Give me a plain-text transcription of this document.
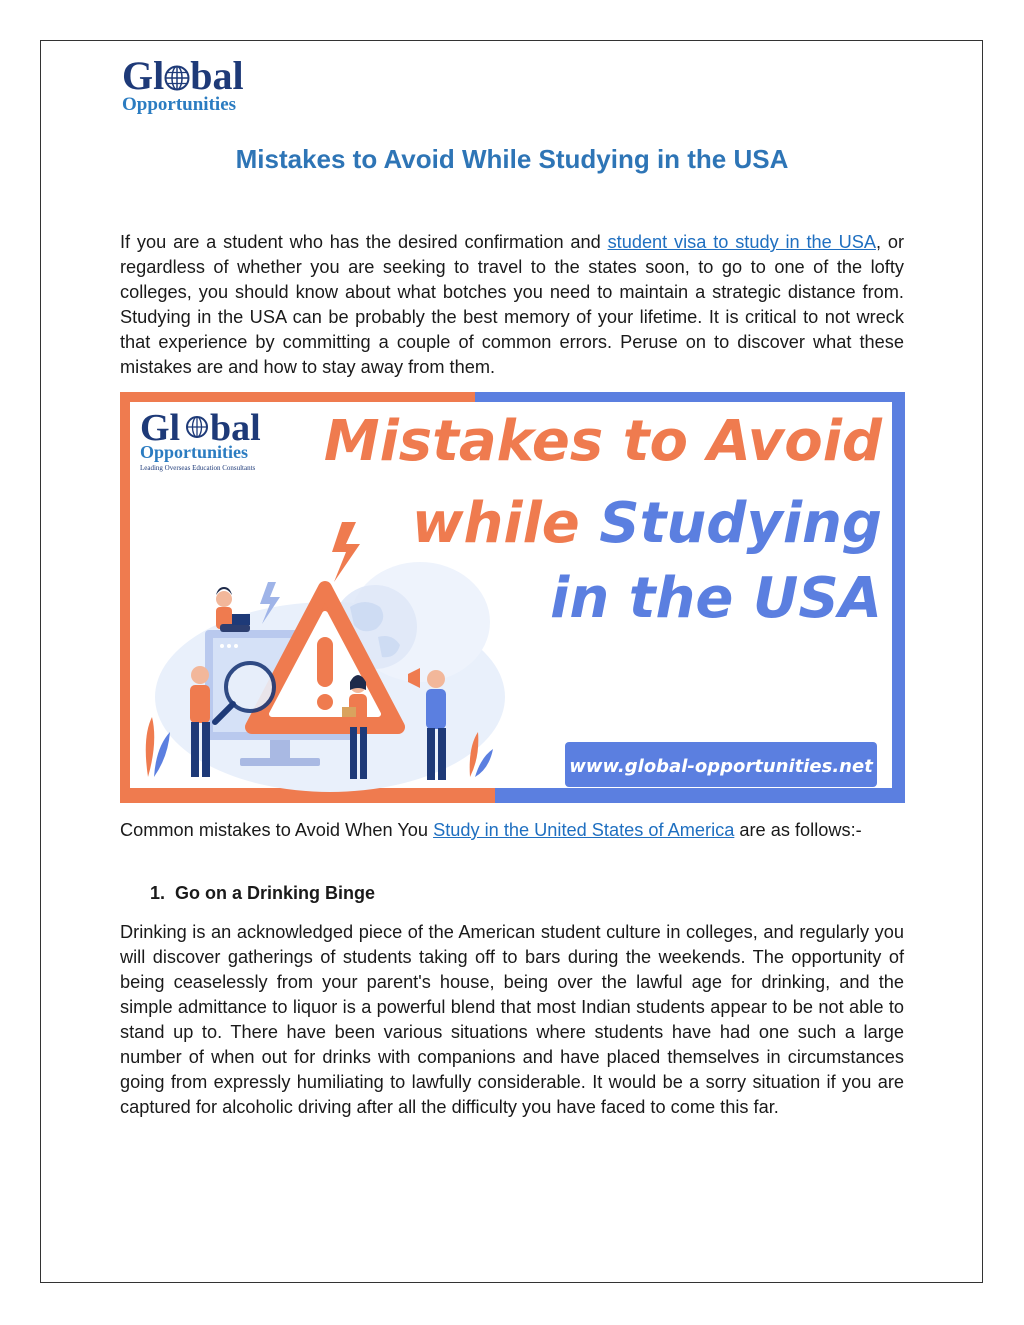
Gl bal
Opportunities
Mistakes to Avoid While Studying in the USA

If you are a student who has the desired confirmation and student visa to study in the USA, or regardless of whether you are seeking to travel to the states soon, to go to one of the lofty colleges, you should know about what botches you need to maintain a strategic distance from. Studying in the USA can be probably the best memory of your lifetime. It is critical to not wreck that experience by committing a couple of common errors. Peruse on to discover what these mistakes are and how to stay away from them.

Gl bal
Opportunities
Leading Overseas Education Consultants Mistakes to Avoid
while Studying
in the USA
www.global-opportunities.net

Common mistakes to Avoid When You Study in the United States of America are as follows:-

1. Go on a Drinking Binge

Drinking is an acknowledged piece of the American student culture in colleges, and regularly you will discover gatherings of students taking off to bars during the weekends. The opportunity of being ceaselessly from your parent's house, being over the lawful age for drinking, and the simple admittance to liquor is a powerful blend that most Indian students appear to be not able to stand up to. There have been various situations where students have had one such a large number of when out for drinks with companions and have placed themselves in circumstances going from expressly humiliating to lawfully considerable. It would be a sorry situation if you are captured for alcoholic driving after all the difficulty you have faced to come this far.
